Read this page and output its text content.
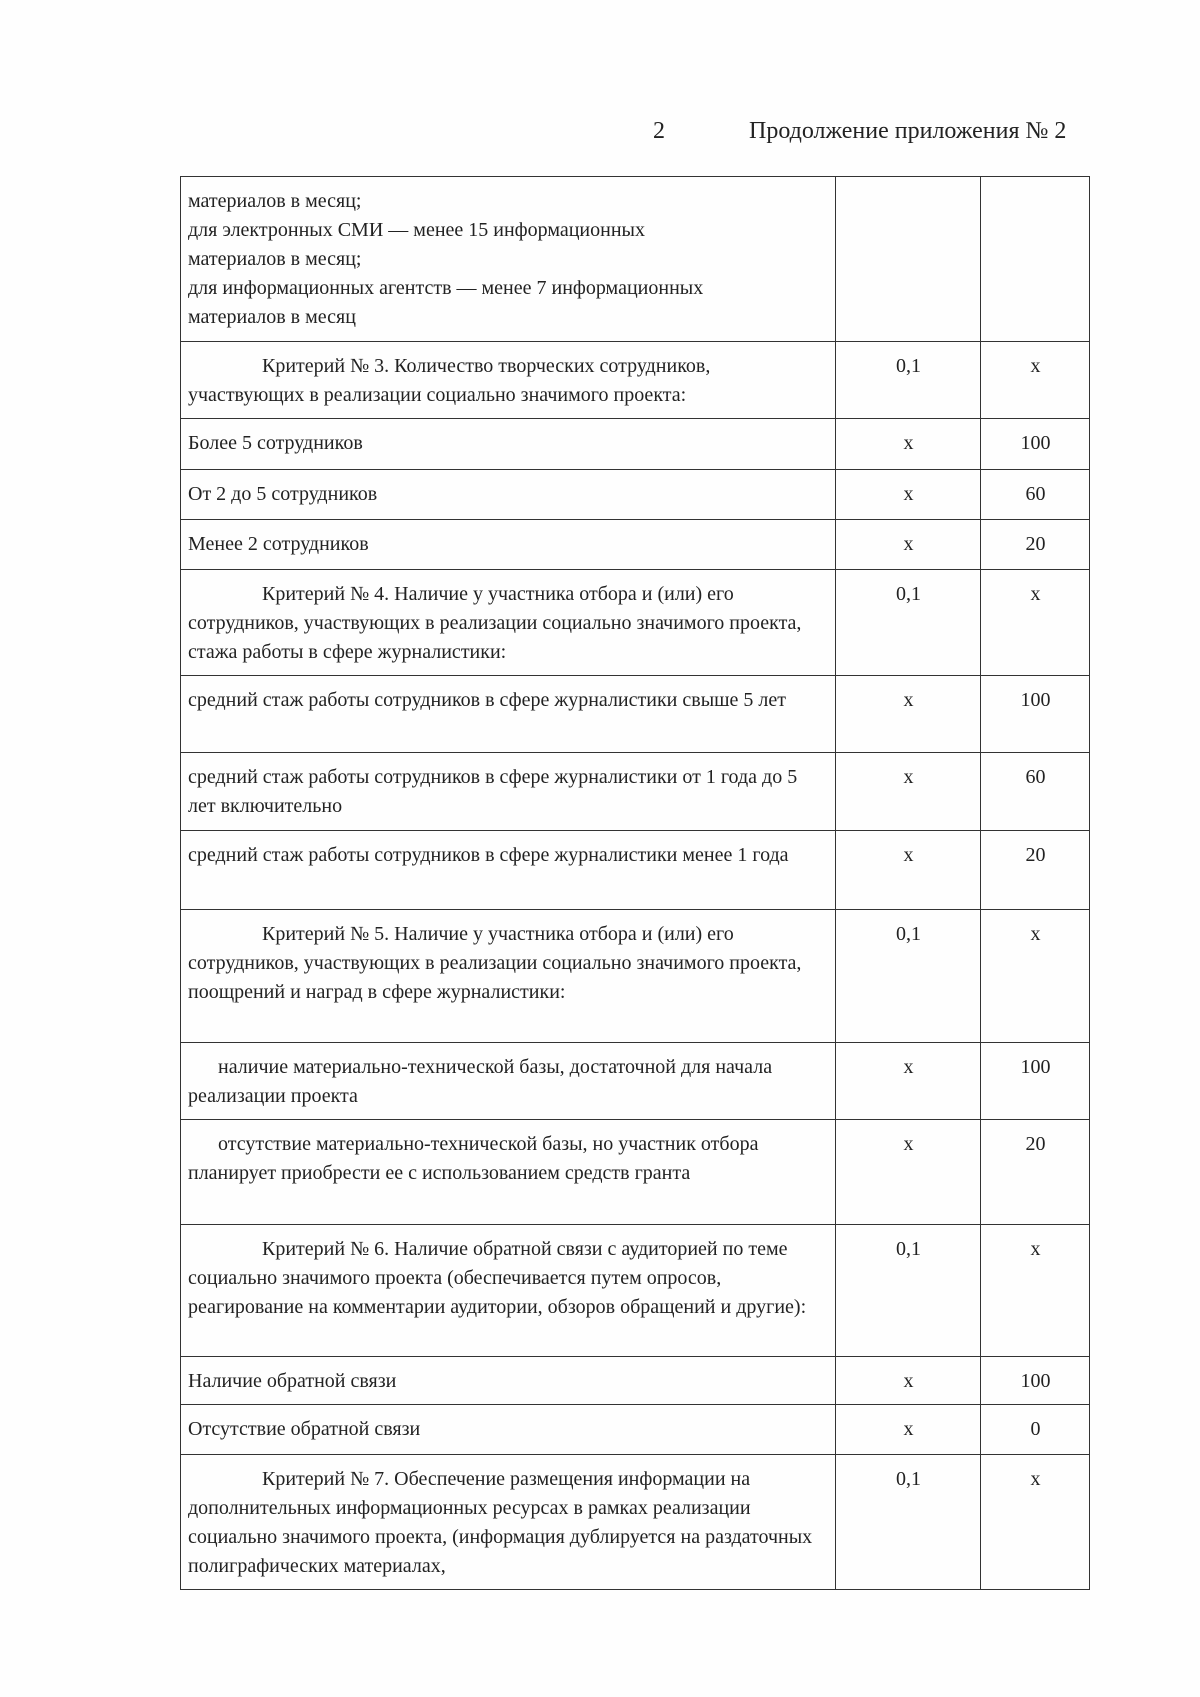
2	Продолжение приложения № 2
материалов в месяц;
для электронных СМИ — менее 15 информационных
материалов в месяц;
для информационных агентств — менее 7 информационных
материалов в месяц		

Критерий № 3. Количество творческих сотрудников, участвующих в реализации социально значимого проекта:	0,1	х
Более 5 сотрудников	х	100
От 2 до 5 сотрудников	х	60
Менее 2 сотрудников	х	20
Критерий № 4. Наличие у участника отбора и (или) его сотрудников, участвующих в реализации социально значимого проекта, стажа работы в сфере журналистики:	0,1	х
средний стаж работы сотрудников в сфере журналистики свыше 5 лет	х	100
средний стаж работы сотрудников в сфере журналистики от 1 года до 5 лет включительно	х	60
средний стаж работы сотрудников в сфере журналистики менее 1 года	х	20
Критерий № 5. Наличие у участника отбора и (или) его сотрудников, участвующих в реализации социально значимого проекта, поощрений и наград в сфере журналистики:	0,1	х
наличие материально-технической базы, достаточной для начала реализации проекта	х	100
отсутствие материально-технической базы, но участник отбора планирует приобрести ее с использованием средств гранта	х	20
Критерий № 6. Наличие обратной связи с аудиторией по теме социально значимого проекта (обеспечивается путем опросов, реагирование на комментарии аудитории, обзоров обращений и другие):	0,1	х
Наличие обратной связи	х	100
Отсутствие обратной связи	х	0
Критерий № 7. Обеспечение размещения информации на дополнительных информационных ресурсах в рамках реализации социально значимого проекта, (информация дублируется на раздаточных полиграфических материалах,	0,1	х
